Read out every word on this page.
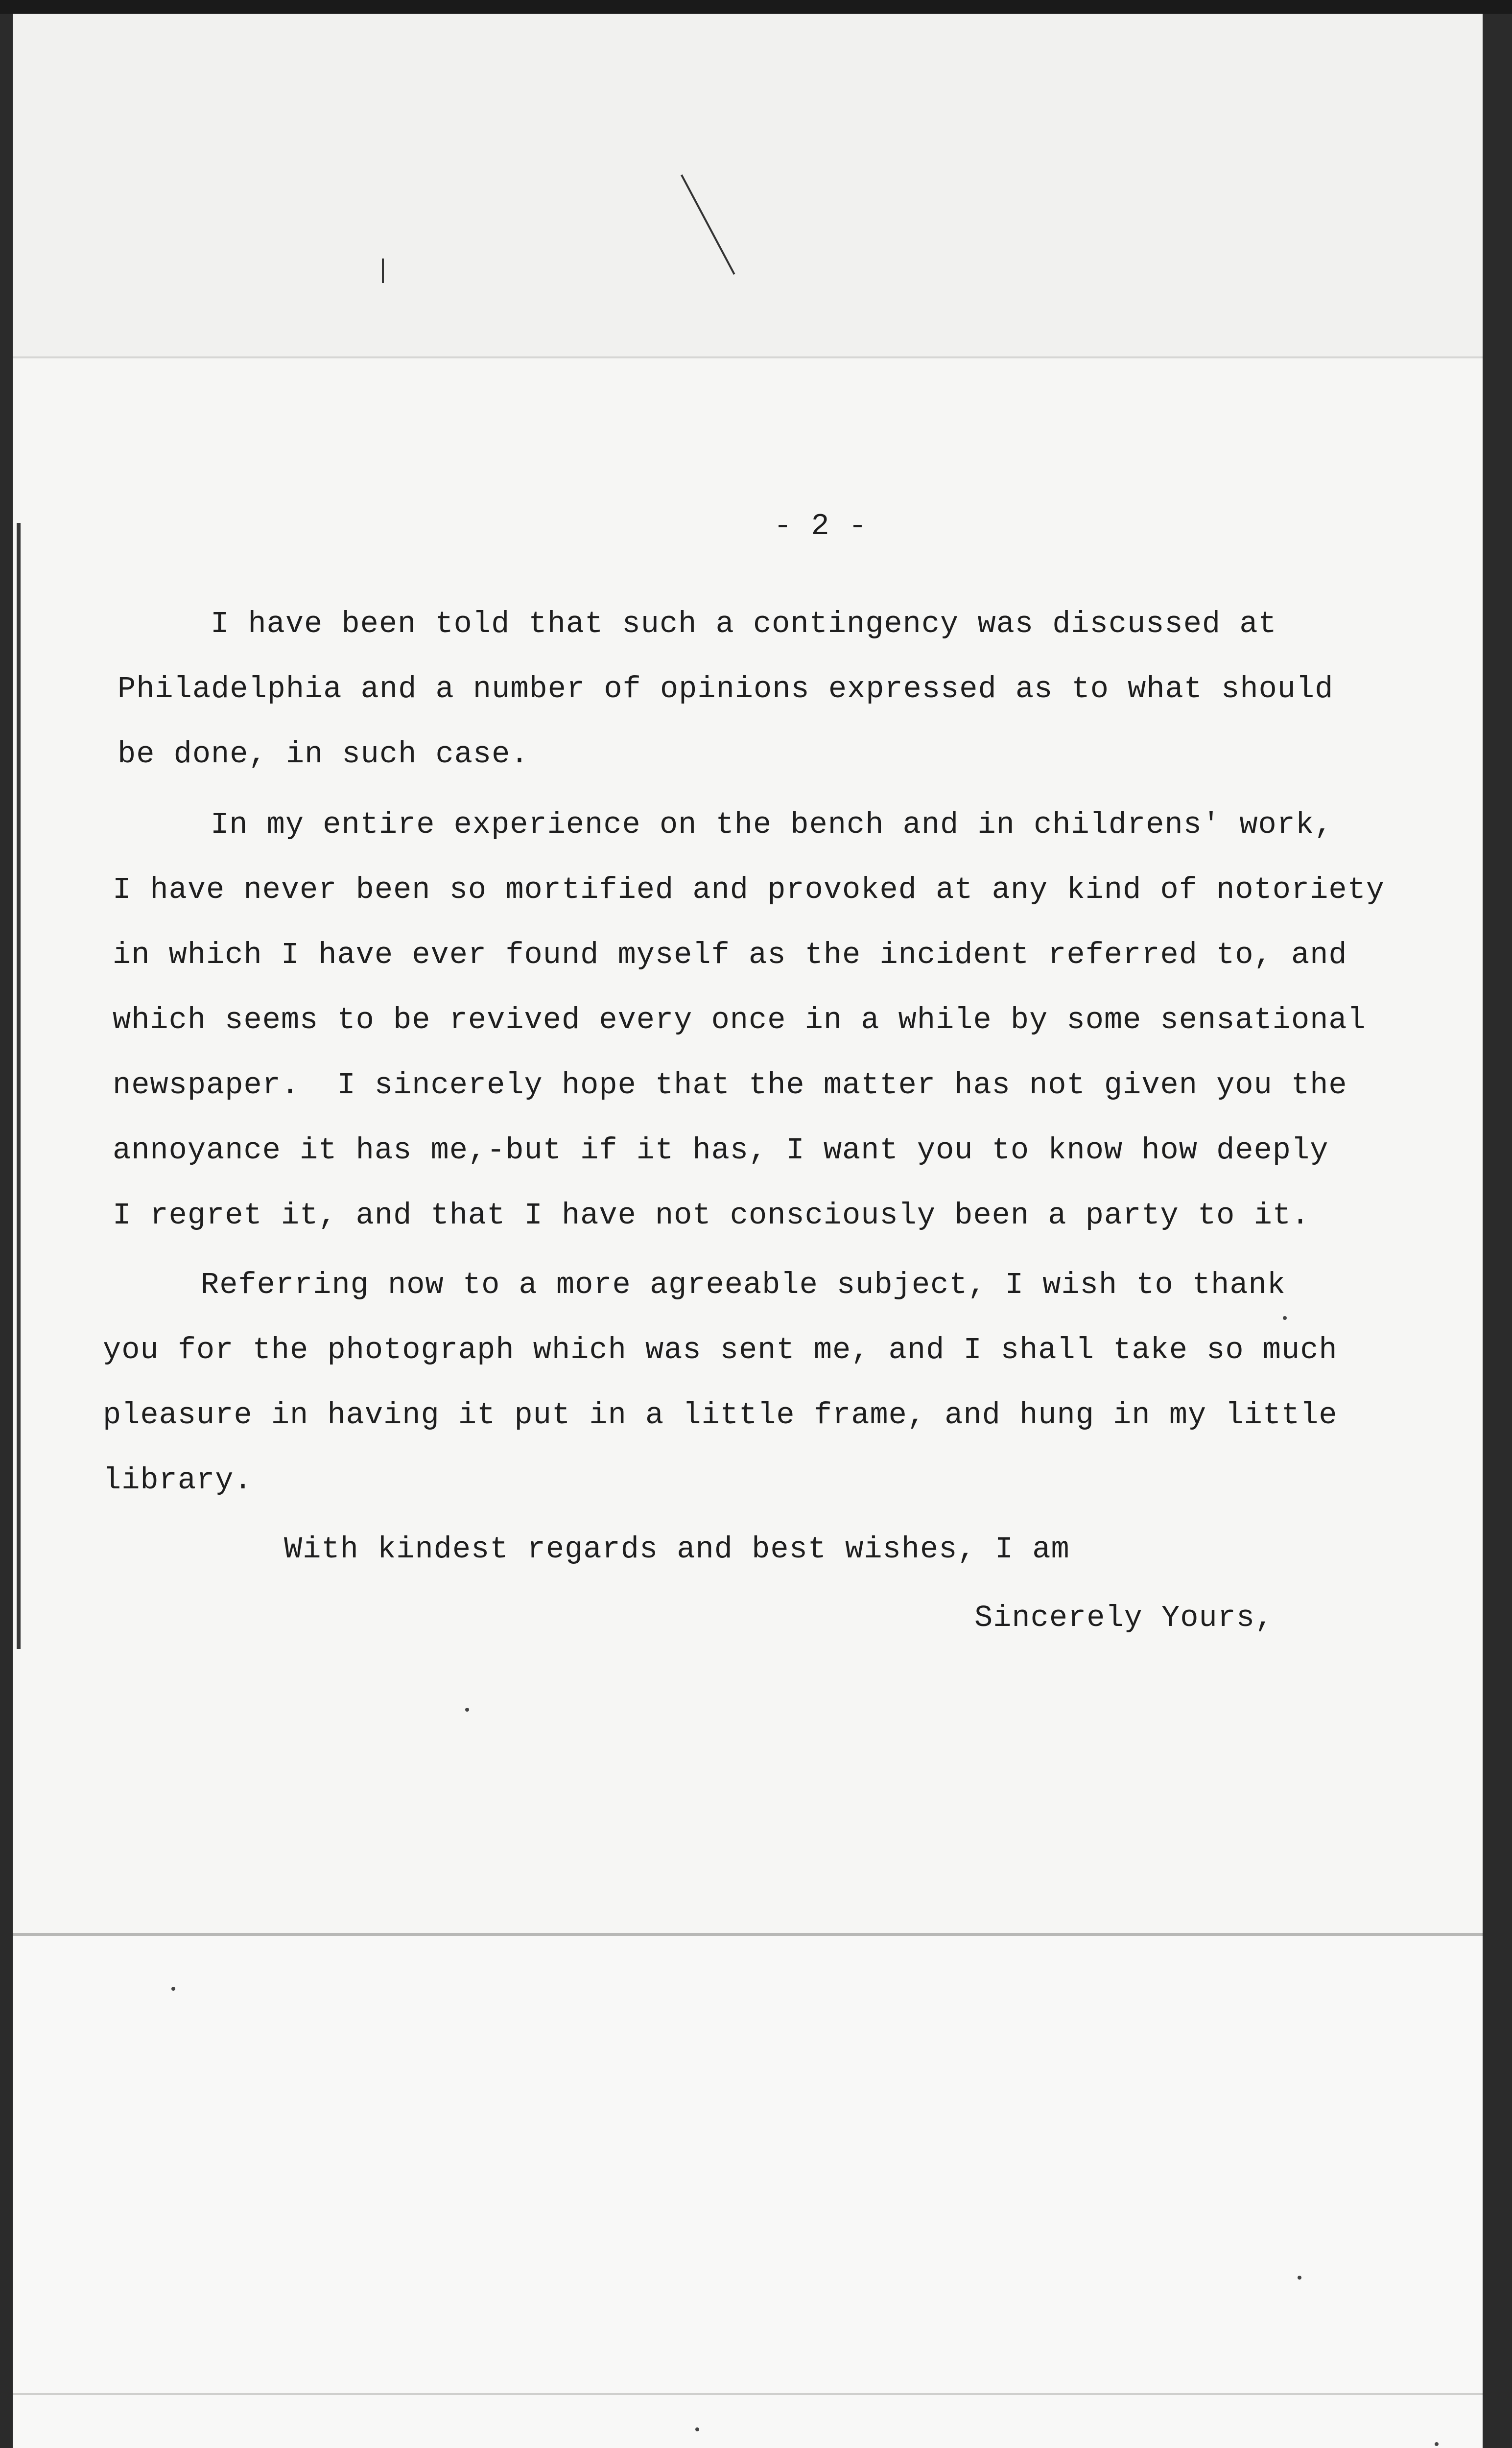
- 2 -
I have been told that such a contingency was discussed at
Philadelphia and a number of opinions expressed as to what should
be done, in such case.
In my entire experience on the bench and in childrens' work,
I have never been so mortified and provoked at any kind of notoriety
in which I have ever found myself as the incident referred to, and
which seems to be revived every once in a while by some sensational
newspaper.  I sincerely hope that the matter has not given you the
annoyance it has me,-but if it has, I want you to know how deeply
I regret it, and that I have not consciously been a party to it.
Referring now to a more agreeable subject, I wish to thank
you for the photograph which was sent me, and I shall take so much
pleasure in having it put in a little frame, and hung in my little
library.
With kindest regards and best wishes, I am
Sincerely Yours,
